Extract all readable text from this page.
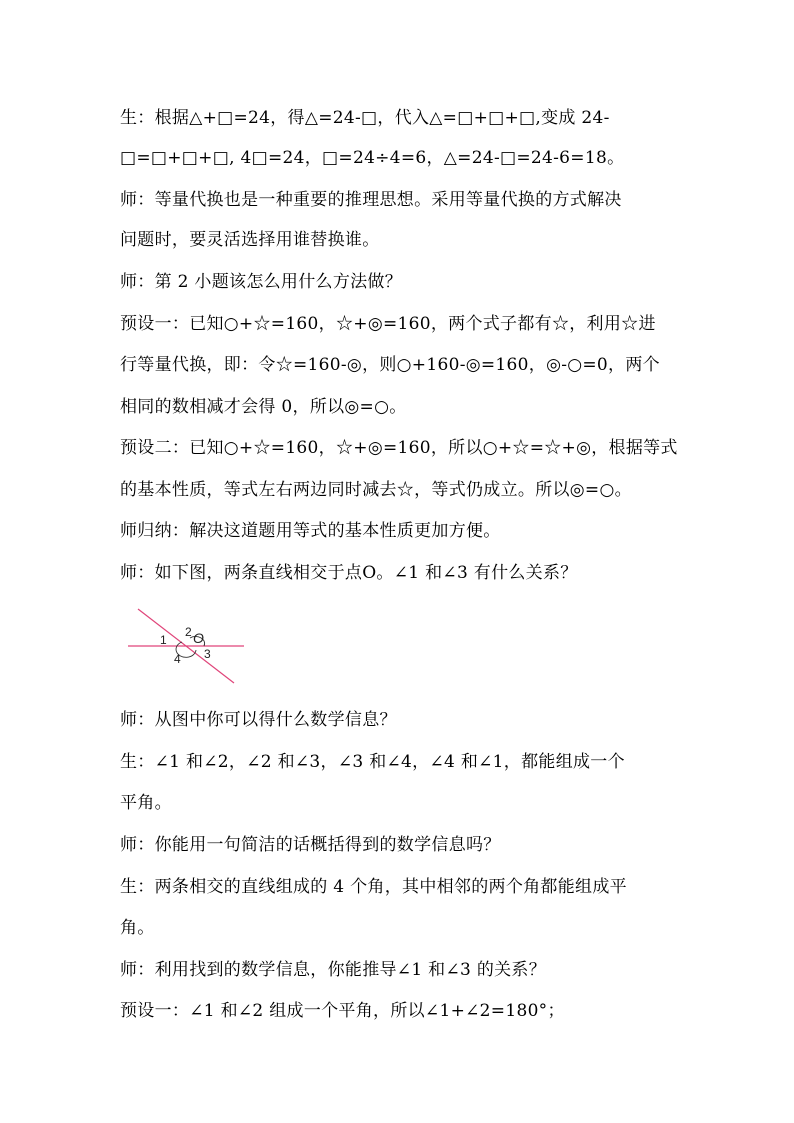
生：根据△+□=24，得△=24-□，代入△=□+□+□,变成 24-
□=□+□+□, 4□=24，□=24÷4=6，△=24-□=24-6=18。
师：等量代换也是一种重要的推理思想。采用等量代换的方式解决
问题时，要灵活选择用谁替换谁。
师：第 2 小题该怎么用什么方法做？
预设一：已知○+☆=160，☆+◎=160，两个式子都有☆，利用☆进
行等量代换，即：令☆=160-◎，则○+160-◎=160，◎-○=0，两个
相同的数相减才会得 0，所以◎=○。
预设二：已知○+☆=160，☆+◎=160，所以○+☆=☆+◎，根据等式
的基本性质，等式左右两边同时减去☆，等式仍成立。所以◎=○。
师归纳：解决这道题用等式的基本性质更加方便。
师：如下图，两条直线相交于点O。∠1 和∠3 有什么关系？
1
2 O
3
4
师：从图中你可以得什么数学信息？
生：∠1 和∠2，∠2 和∠3，∠3 和∠4，∠4 和∠1，都能组成一个
平角。
师：你能用一句简洁的话概括得到的数学信息吗？
生：两条相交的直线组成的 4 个角，其中相邻的两个角都能组成平
角。
师：利用找到的数学信息，你能推导∠1 和∠3 的关系？
预设一：∠1 和∠2 组成一个平角，所以∠1+∠2=180°；
